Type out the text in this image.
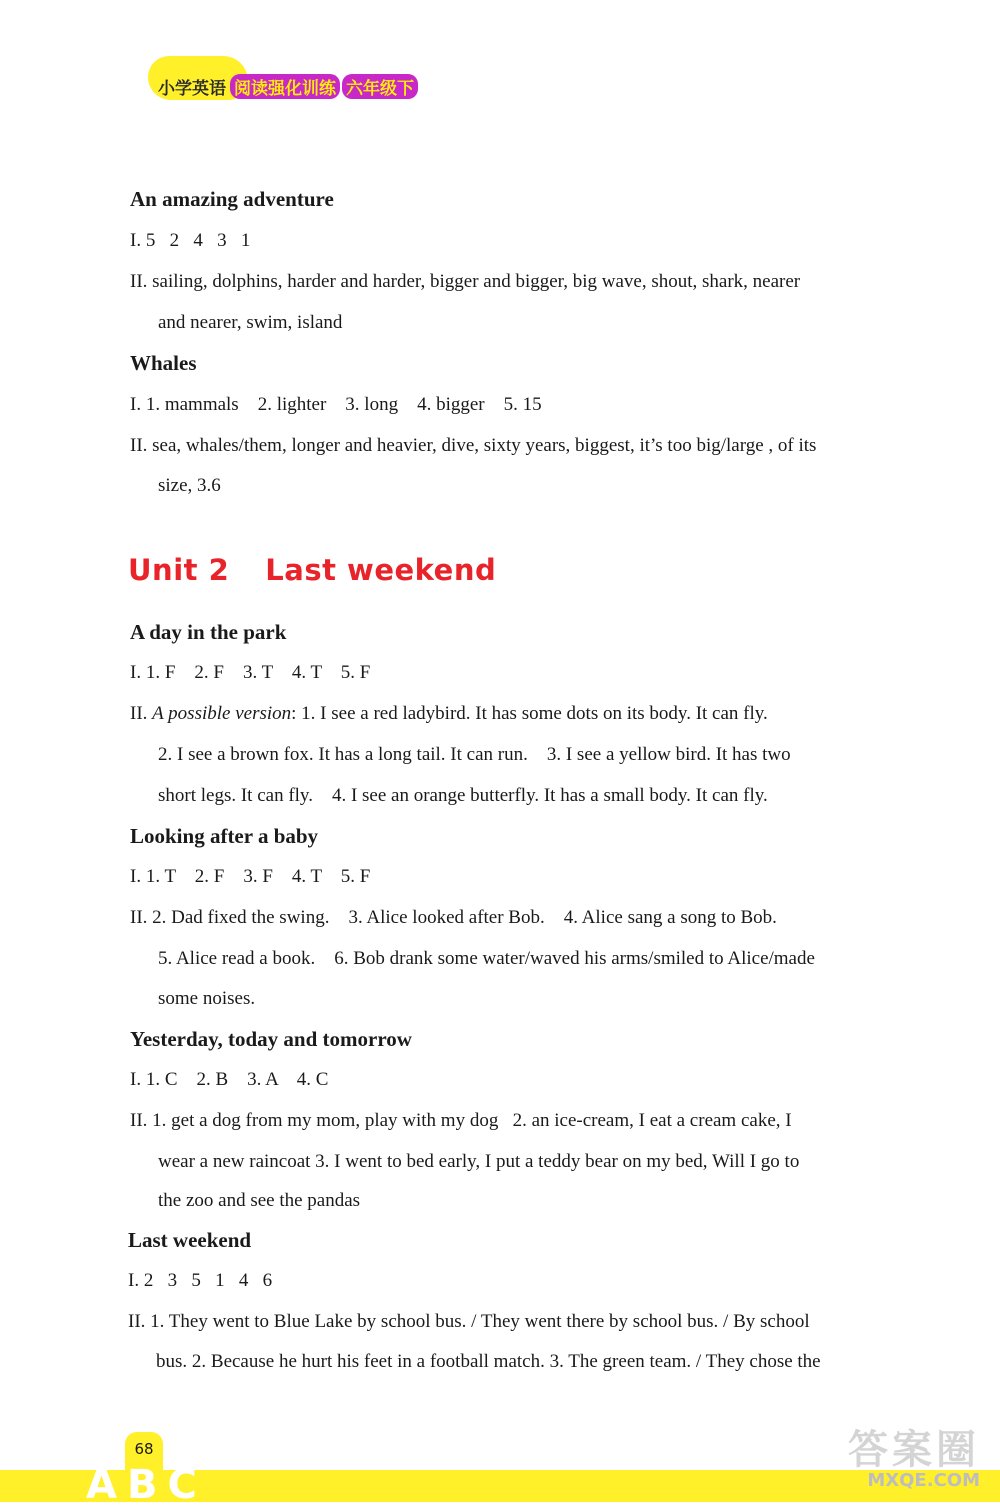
小学英语 阅读强化训练 六年级下
An amazing adventure
I. 5   2   4   3   1
II. sailing, dolphins, harder and harder, bigger and bigger, big wave, shout, shark, nearer
and nearer, swim, island
Whales
I. 1. mammals    2. lighter    3. long    4. bigger    5. 15
II. sea, whales/them, longer and heavier, dive, sixty years, biggest, it’s too big/large , of its
size, 3.6
Unit 2 Last weekend
A day in the park
I. 1. F    2. F    3. T    4. T    5. F
II. A possible version: 1. I see a red ladybird. It has some dots on its body. It can fly.
2. I see a brown fox. It has a long tail. It can run.    3. I see a yellow bird. It has two
short legs. It can fly.    4. I see an orange butterfly. It has a small body. It can fly.
Looking after a baby
I. 1. T    2. F    3. F    4. T    5. F
II. 2. Dad fixed the swing.    3. Alice looked after Bob.    4. Alice sang a song to Bob.
5. Alice read a book.    6. Bob drank some water/waved his arms/smiled to Alice/made
some noises.
Yesterday, today and tomorrow
I. 1. C    2. B    3. A    4. C
II. 1. get a dog from my mom, play with my dog   2. an ice-cream, I eat a cream cake, I
wear a new raincoat 3. I went to bed early, I put a teddy bear on my bed, Will I go to
the zoo and see the pandas
Last weekend
I. 2   3   5   1   4   6
II. 1. They went to Blue Lake by school bus. / They went there by school bus. / By school
bus. 2. Because he hurt his feet in a football match. 3. The green team. / They chose the
68
ABC
答案圈
MXQE.COM
